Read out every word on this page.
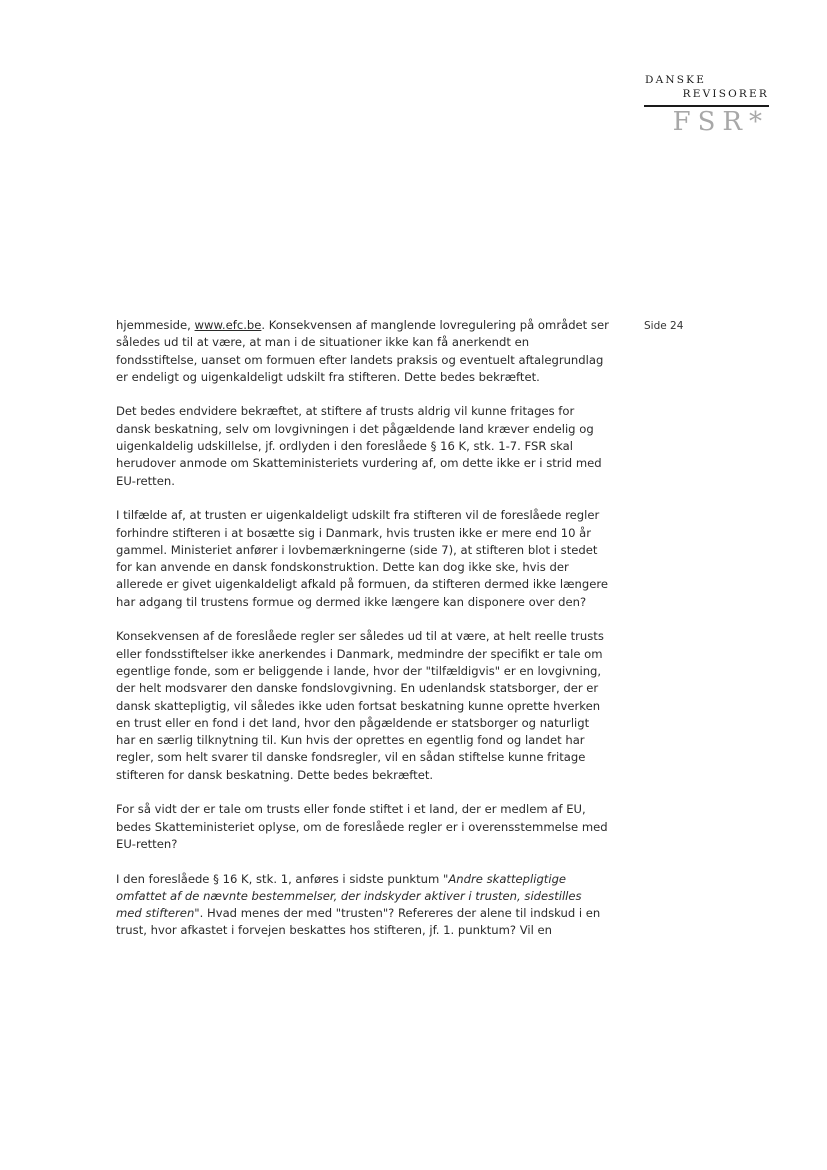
DANSKE
REVISORER
FSR*
Side 24

hjemmeside, www.efc.be. Konsekvensen af manglende lovregulering på området ser således ud til at være, at man i de situationer ikke kan få anerkendt en fondsstiftelse, uanset om formuen efter landets praksis og eventuelt aftalegrundlag er endeligt og uigenkaldeligt udskilt fra stifteren. Dette bedes bekræftet.

Det bedes endvidere bekræftet, at stiftere af trusts aldrig vil kunne fritages for dansk beskatning, selv om lovgivningen i det pågældende land kræver endelig og uigenkaldelig udskillelse, jf. ordlyden i den foreslåede § 16 K, stk. 1-7. FSR skal herudover anmode om Skatteministeriets vurdering af, om dette ikke er i strid med EU-retten.

I tilfælde af, at trusten er uigenkaldeligt udskilt fra stifteren vil de foreslåede regler forhindre stifteren i at bosætte sig i Danmark, hvis trusten ikke er mere end 10 år gammel. Ministeriet anfører i lovbemærkningerne (side 7), at stifteren blot i stedet for kan anvende en dansk fondskonstruktion. Dette kan dog ikke ske, hvis der allerede er givet uigenkaldeligt afkald på formuen, da stifteren dermed ikke længere har adgang til trustens formue og dermed ikke længere kan disponere over den?

Konsekvensen af de foreslåede regler ser således ud til at være, at helt reelle trusts eller fondsstiftelser ikke anerkendes i Danmark, medmindre der specifikt er tale om egentlige fonde, som er beliggende i lande, hvor der "tilfældigvis" er en lovgivning, der helt modsvarer den danske fondslovgivning. En udenlandsk statsborger, der er dansk skattepligtig, vil således ikke uden fortsat beskatning kunne oprette hverken en trust eller en fond i det land, hvor den pågældende er statsborger og naturligt har en særlig tilknytning til. Kun hvis der oprettes en egentlig fond og landet har regler, som helt svarer til danske fondsregler, vil en sådan stiftelse kunne fritage stifteren for dansk beskatning. Dette bedes bekræftet.

For så vidt der er tale om trusts eller fonde stiftet i et land, der er medlem af EU, bedes Skatteministeriet oplyse, om de foreslåede regler er i overensstemmelse med EU-retten?

I den foreslåede § 16 K, stk. 1, anføres i sidste punktum "Andre skattepligtige omfattet af de nævnte bestemmelser, der indskyder aktiver i trusten, sidestilles med stifteren". Hvad menes der med "trusten"? Refereres der alene til indskud i en trust, hvor afkastet i forvejen beskattes hos stifteren, jf. 1. punktum? Vil en
